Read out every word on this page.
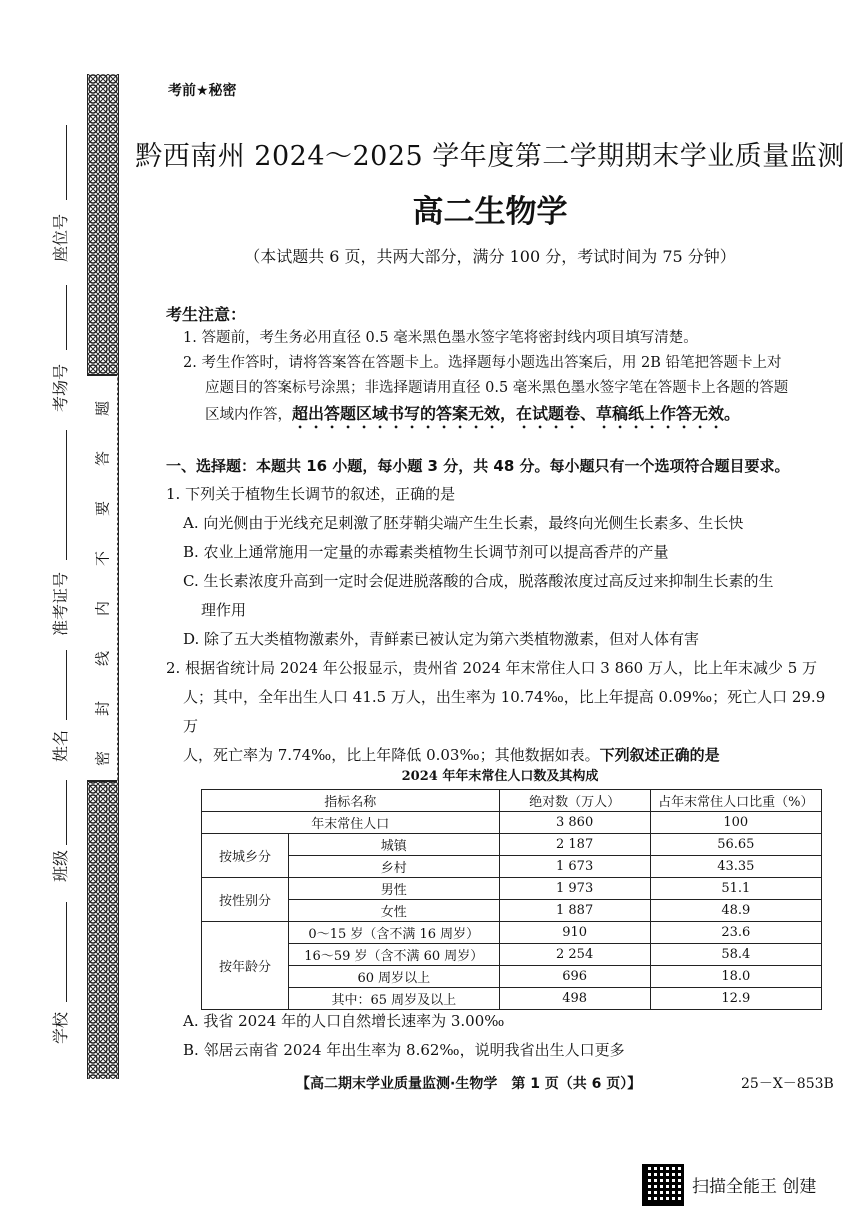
题
答
要
不
内
线
封
密
座位号
考场号
准考证号
姓名
班级
学校
考前★秘密
黔西南州 2024～2025 学年度第二学期期末学业质量监测
高二生物学
（本试题共 6 页，共两大部分，满分 100 分，考试时间为 75 分钟）
考生注意：
1. 答题前，考生务必用直径 0.5 毫米黑色墨水签字笔将密封线内项目填写清楚。
2. 考生作答时，请将答案答在答题卡上。选择题每小题选出答案后，用 2B 铅笔把答题卡上对
应题目的答案标号涂黑；非选择题请用直径 0.5 毫米黑色墨水签字笔在答题卡上各题的答题
区域内作答，超出答题区域书写的答案无效，在试题卷、草稿纸上作答无效。
一、选择题：本题共 16 小题，每小题 3 分，共 48 分。每小题只有一个选项符合题目要求。
1. 下列关于植物生长调节的叙述，正确的是
A. 向光侧由于光线充足刺激了胚芽鞘尖端产生生长素，最终向光侧生长素多、生长快
B. 农业上通常施用一定量的赤霉素类植物生长调节剂可以提高香芹的产量
C. 生长素浓度升高到一定时会促进脱落酸的合成，脱落酸浓度过高反过来抑制生长素的生
理作用
D. 除了五大类植物激素外，青鲜素已被认定为第六类植物激素，但对人体有害
2. 根据省统计局 2024 年公报显示，贵州省 2024 年末常住人口 3 860 万人，比上年末减少 5 万
人；其中，全年出生人口 41.5 万人，出生率为 10.74‰，比上年提高 0.09‰；死亡人口 29.9 万
人，死亡率为 7.74‰，比上年降低 0.03‰；其他数据如表。下列叙述正确的是
2024 年年末常住人口数及其构成
指标名称		绝对数（万人）	占年末常住人口比重（%）
年末常住人口		3 860	100
按城乡分	城镇	2 187	56.65
	乡村	1 673	43.35
按性别分	男性	1 973	51.1
	女性	1 887	48.9
按年龄分	0～15 岁（含不满 16 周岁）	910	23.6
	16～59 岁（含不满 60 周岁）	2 254	58.4
	60 周岁以上	696	18.0
	其中：65 周岁及以上	498	12.9
A. 我省 2024 年的人口自然增长速率为 3.00‰
B. 邻居云南省 2024 年出生率为 8.62‰，说明我省出生人口更多
【高二期末学业质量监测·生物学　第 1 页（共 6 页）】	25－X－853B
扫描全能王 创建
